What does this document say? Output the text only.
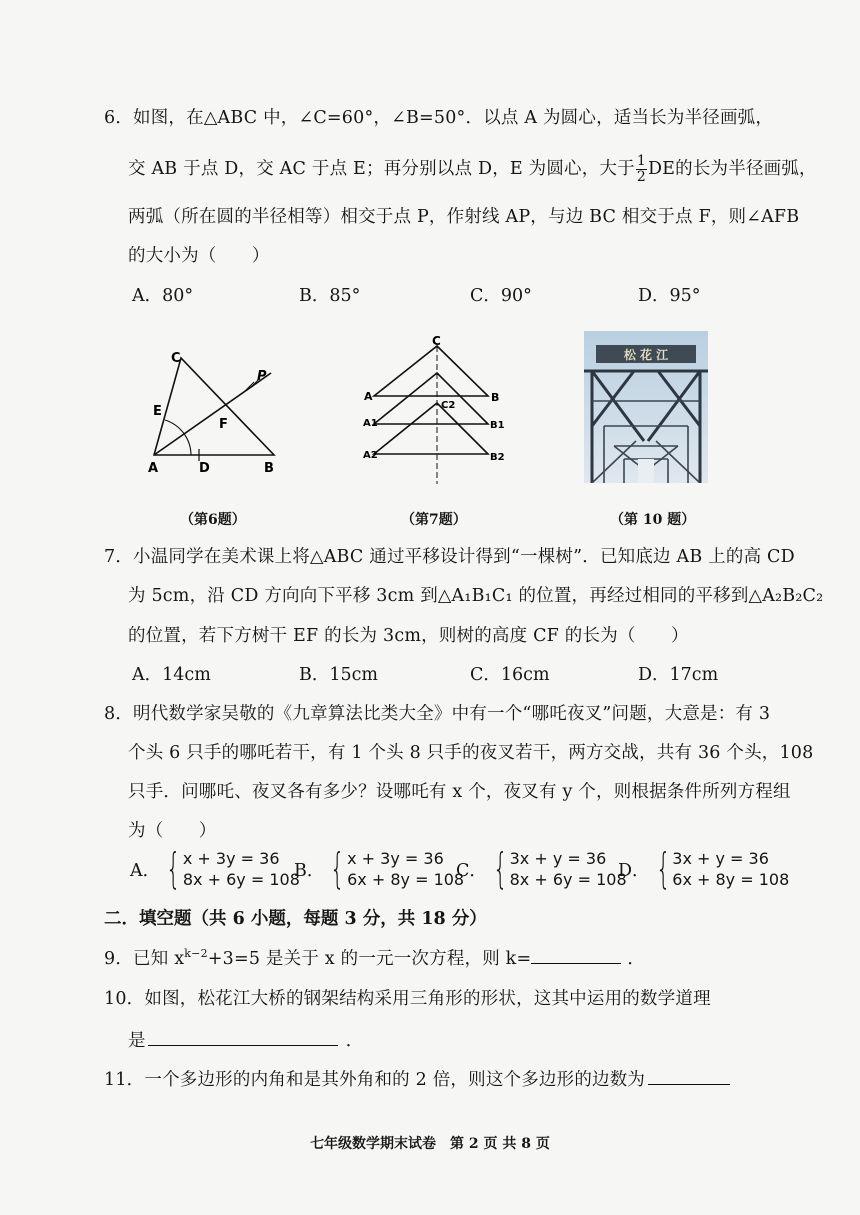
6．如图，在△ABC 中，∠C=60°，∠B=50°．以点 A 为圆心，适当长为半径画弧，
交 AB 于点 D，交 AC 于点 E；再分别以点 D，E 为圆心，大于 $\frac{1}{2}$ DE的长为半径画弧，
两弧（所在圆的半径相等）相交于点 P，作射线 AP，与边 BC 相交于点 F，则∠AFB
的大小为（　　）
A．80°	B．85°	C．90°	D．95°
C
E
F
P
A	D	B
C
A	B
A1
C2
B1
A2	B2
松 花 江
（第6题）	（第7题）	（第 10 题）
7．小温同学在美术课上将△ABC 通过平移设计得到“一棵树”．已知底边 AB 上的高 CD
为 5cm，沿 CD 方向向下平移 3cm 到△A₁B₁C₁ 的位置，再经过相同的平移到△A₂B₂C₂
的位置，若下方树干 EF 的长为 3cm，则树的高度 CF 的长为（　　）
A．14cm	B．15cm	C．16cm	D．17cm
8．明代数学家吴敬的《九章算法比类大全》中有一个“哪吒夜叉”问题，大意是：有 3
个头 6 只手的哪吒若干，有 1 个头 8 只手的夜叉若干，两方交战，共有 36 个头，108
只手．问哪吒、夜叉各有多少？设哪吒有 x 个，夜叉有 y 个，则根据条件所列方程组
为（　　）
A． { x + 3y = 36
8x + 6y = 108
B． { x + 3y = 36
6x + 8y = 108
C． { 3x + y = 36
8x + 6y = 108
D． { 3x + y = 36
6x + 8y = 108
二．填空题（共 6 小题，每题 3 分，共 18 分）
9．已知 $x^{k-2}+3=5$ 是关于 x 的一元一次方程，则 k=	．
10．如图，松花江大桥的钢架结构采用三角形的形状，这其中运用的数学道理
是	．
11．一个多边形的内角和是其外角和的 2 倍，则这个多边形的边数为
七年级数学期末试卷　第 2 页 共 8 页
